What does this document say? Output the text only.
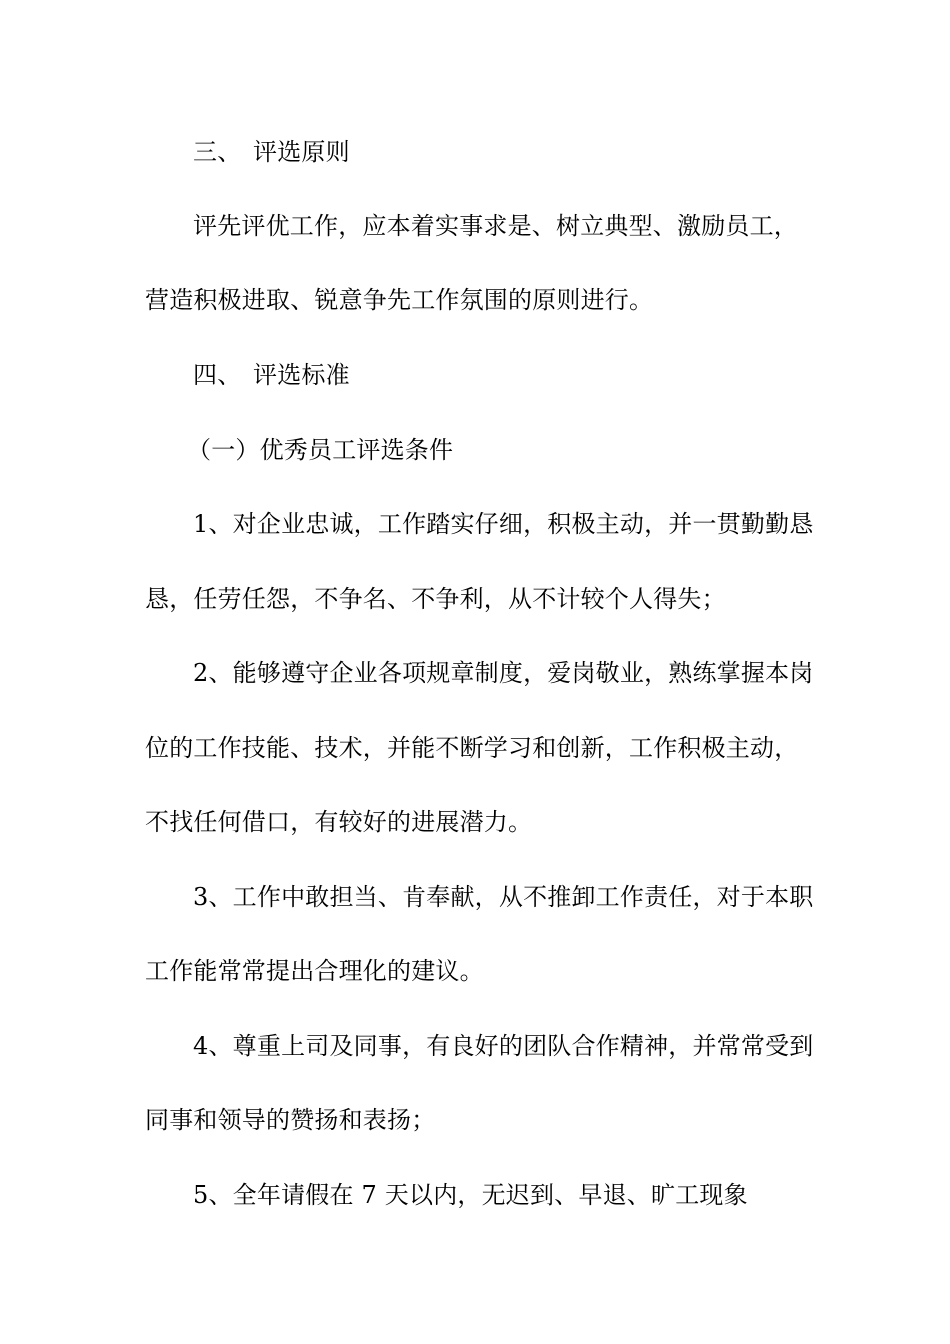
三、 评选原则
评先评优工作，应本着实事求是、树立典型、激励员工，
营造积极进取、锐意争先工作氛围的原则进行。
四、 评选标准
（一）优秀员工评选条件
1、对企业忠诚，工作踏实仔细，积极主动，并一贯勤勤恳
恳，任劳任怨，不争名、不争利，从不计较个人得失；
2、能够遵守企业各项规章制度，爱岗敬业，熟练掌握本岗
位的工作技能、技术，并能不断学习和创新，工作积极主动，
不找任何借口，有较好的进展潜力。
3、工作中敢担当、肯奉献，从不推卸工作责任，对于本职
工作能常常提出合理化的建议。
4、尊重上司及同事，有良好的团队合作精神，并常常受到
同事和领导的赞扬和表扬；
5、全年请假在 7 天以内，无迟到、早退、旷工现象
